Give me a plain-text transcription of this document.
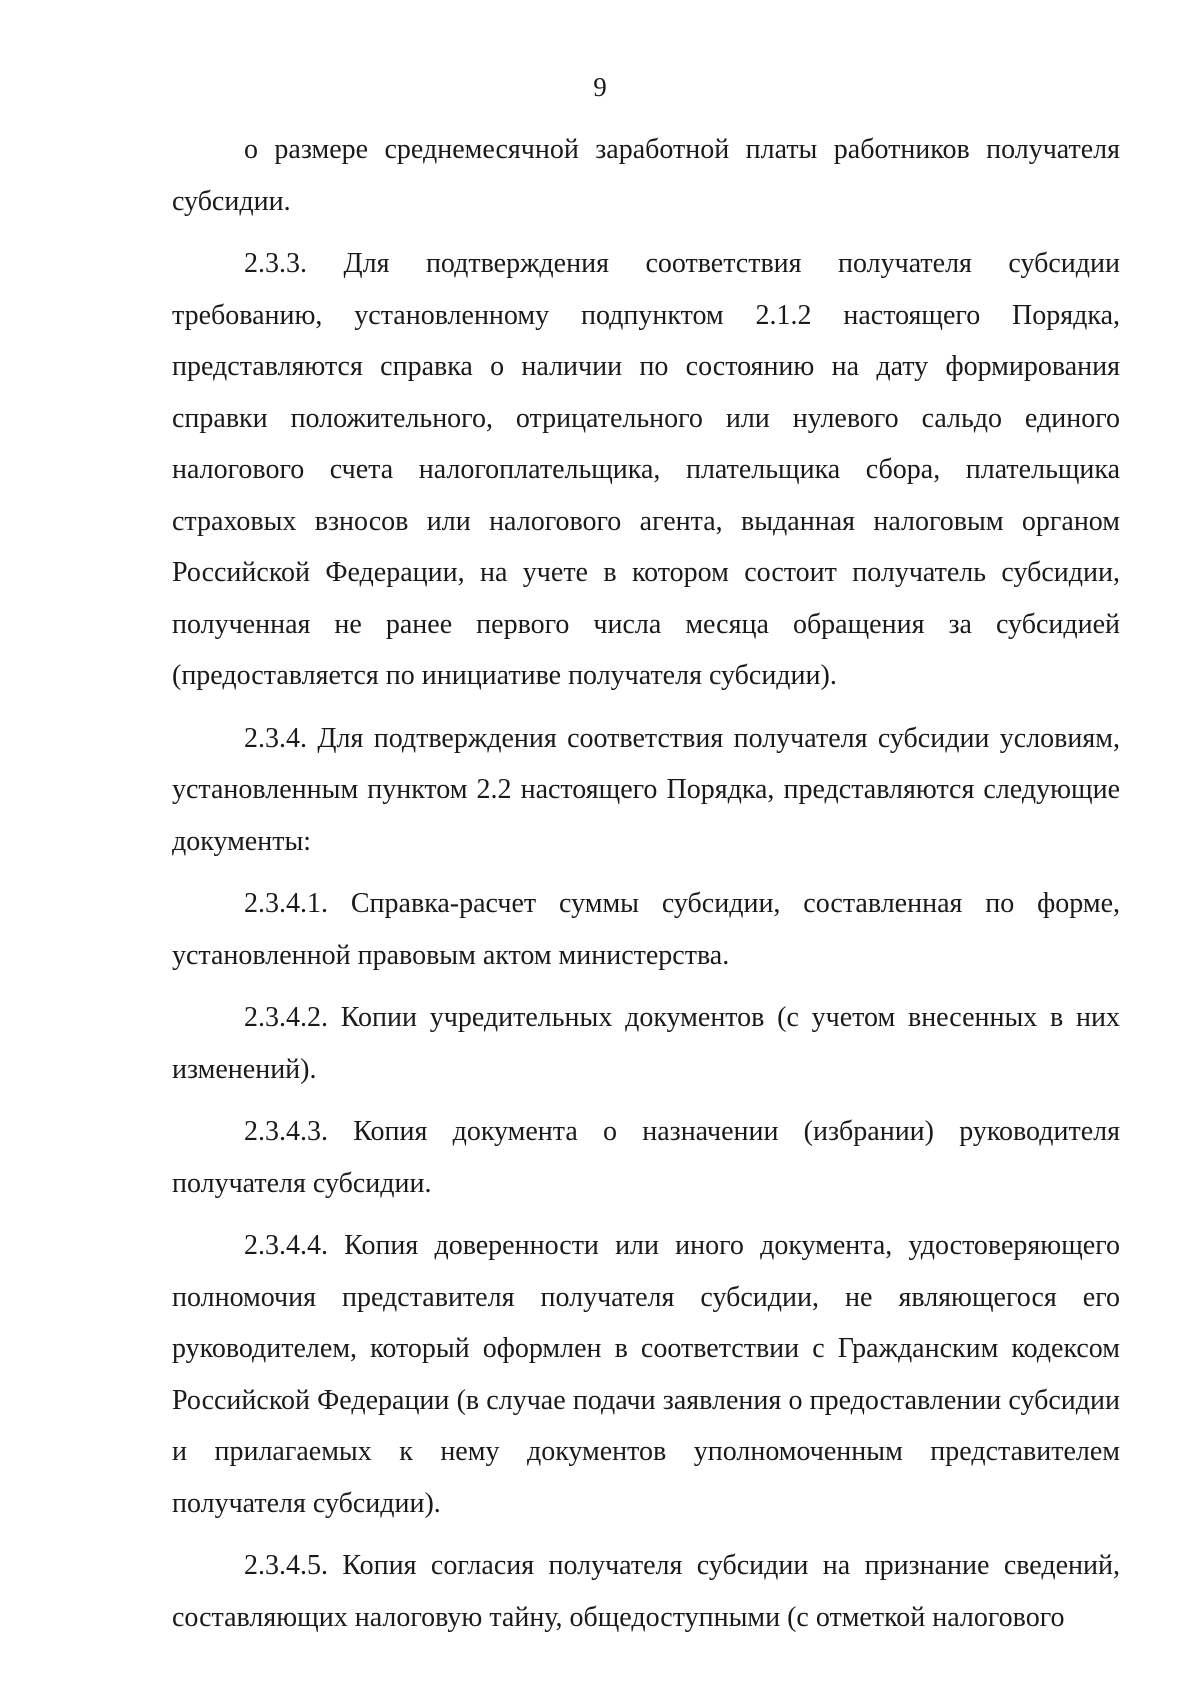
9

о размере среднемесячной заработной платы работников получателя субсидии.

2.3.3. Для подтверждения соответствия получателя субсидии требованию, установленному подпунктом 2.1.2 настоящего Порядка, представляются справка о наличии по состоянию на дату формирования справки положительного, отрицательного или нулевого сальдо единого налогового счета налогоплательщика, плательщика сбора, плательщика страховых взносов или налогового агента, выданная налоговым органом Российской Федерации, на учете в котором состоит получатель субсидии, полученная не ранее первого числа месяца обращения за субсидией (предоставляется по инициативе получателя субсидии).

2.3.4. Для подтверждения соответствия получателя субсидии условиям, установленным пунктом 2.2 настоящего Порядка, представляются следующие документы:

2.3.4.1. Справка-расчет суммы субсидии, составленная по форме, установленной правовым актом министерства.

2.3.4.2. Копии учредительных документов (с учетом внесенных в них изменений).

2.3.4.3. Копия документа о назначении (избрании) руководителя получателя субсидии.

2.3.4.4. Копия доверенности или иного документа, удостоверяющего полномочия представителя получателя субсидии, не являющегося его руководителем, который оформлен в соответствии с Гражданским кодексом Российской Федерации (в случае подачи заявления о предоставлении субсидии и прилагаемых к нему документов уполномоченным представителем получателя субсидии).

2.3.4.5. Копия согласия получателя субсидии на признание сведений, составляющих налоговую тайну, общедоступными (с отметкой налогового
